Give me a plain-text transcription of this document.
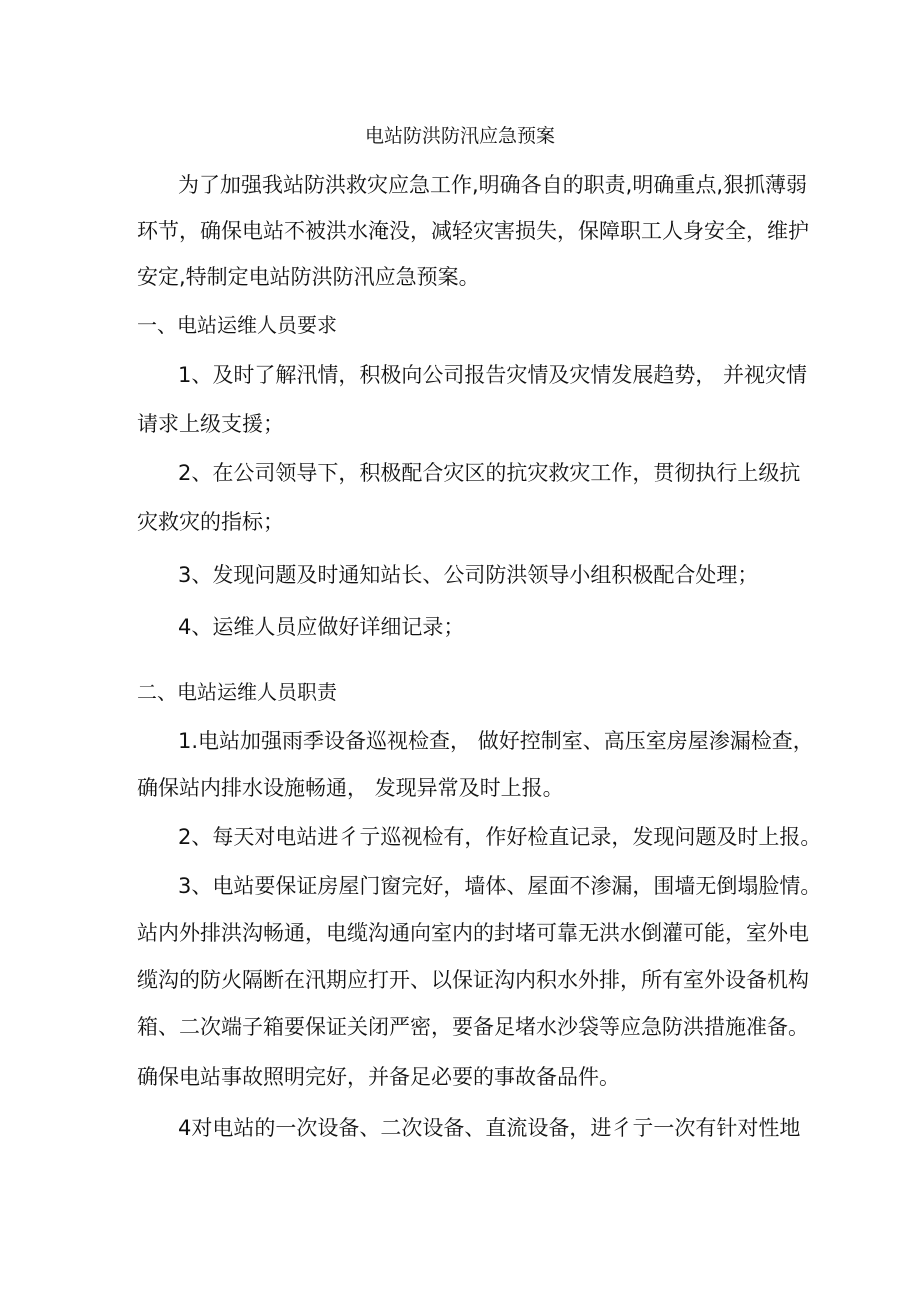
电站防洪防汛应急预案
为了加强我站防洪救灾应急工作,明确各自的职责,明确重点,狠抓薄弱
环节，确保电站不被洪水淹没，减轻灾害损失，保障职工人身安全，维护
安定,特制定电站防洪防汛应急预案。
一、电站运维人员要求
1、及时了解汛情，积极向公司报告灾情及灾情发展趋势， 并视灾情
请求上级支援；
2、在公司领导下，积极配合灾区的抗灾救灾工作，贯彻执行上级抗
灾救灾的指标；
3、发现问题及时通知站长、公司防洪领导小组积极配合处理；
4、运维人员应做好详细记录；
二、电站运维人员职责
1.电站加强雨季设备巡视检查， 做好控制室、高压室房屋渗漏检查，
确保站内排水设施畅通， 发现异常及时上报。
2、每天对电站进彳亍巡视检有，作好检直记录，发现问题及时上报。
3、电站要保证房屋门窗完好，墙体、屋面不渗漏，围墙无倒塌脸情。
站内外排洪沟畅通，电缆沟通向室内的封堵可靠无洪水倒灌可能，室外电
缆沟的防火隔断在汛期应打开、以保证沟内积水外排，所有室外设备机构
箱、二次端子箱要保证关闭严密，要备足堵水沙袋等应急防洪措施准备。
确保电站事故照明完好，并备足必要的事故备品件。
4对电站的一次设备、二次设备、直流设备，进彳亍一次有针对性地
